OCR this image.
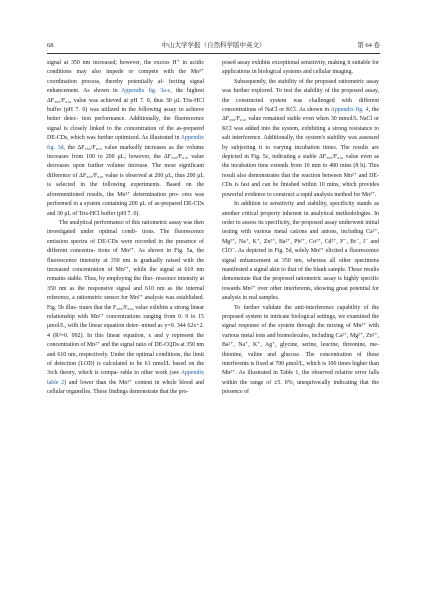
68	中山大学学报（自然科学版中英文）	第 64 卷

signal at 350 nm increased; however, the excess H⁺ in acidic conditions may also impede or compete with the Mn²⁺ coordination process, thereby potentially af- fecting signal enhancement. As shown in Appendix fig. 3a-c, the highest ΔF₃₅₀/F₆₁₀ value was achieved at pH 7. 0, thus 30 μL Tris-HCl buffer (pH 7. 0) was utilized in the following assay to achieve better detec- tion performance. Additionally, the fluorescence signal is closely linked to the concentration of the as-prepared DE-CDs, which was further optimized. As illustrated in Appendix fig. 3d, the ΔF₃₅₀/F₆₁₀ value markedly increases as the volume increases from 100 to 200 μL; however, the ΔF₃₅₀/F₆₁₀ value decreases upon further volume increase. The most significant difference of ΔF₃₅₀/F₆₁₀ value is observed at 200 μL, thus 200 μL is selected in the following experiments. Based on the aforementioned results, the Mn²⁺ determination pro- cess was performed in a system containing 200 μL of as-prepared DE-CDs and 30 μL of Tris-HCl buffer (pH 7. 0).

The analytical performance of this ratiometric assay was then investigated under optimal condi- tions. The fluorescence emission spectra of DE-CDs were recorded in the presence of different concentra- tions of Mn²⁺. As shown in Fig. 5a, the fluorescence intensity at 350 nm is gradually raised with the increased concentration of Mn²⁺, while the signal at 610 nm remains stable. Thus, by employing the fluo- rescence intensity at 350 nm as the responsive signal and 610 nm as the internal reference, a ratiometric sensor for Mn²⁺ analysis was established. Fig. 5b illus- trates that the F₃₅₀/F₆₁₀ value exhibits a strong linear relationship with Mn²⁺ concentrations ranging from 0. 9 to 15 μmol/L, with the linear equation deter- mined as y=0. 344 62x+2. 4 (R²=0. 992). In this linear equation, x and y represent the concentration of Mn²⁺ and the signal ratio of DE-CQDs at 350 nm and 610 nm, respectively. Under the optimal conditions, the limit of detection (LOD) is calculated to be 61 nmol/L based on the 3σ/k theory, which is compa- rable to other work (see Appendix table 2) and lower than the Mn²⁺ content in whole blood and cellular organelles. These findings demonstrate that the pro-

posed assay exhibits exceptional sensitivity, making it suitable for applications in biological systems and cellular imaging.

Subsequently, the stability of the proposed ratiometric assay was further explored. To test the stability of the proposed assay, the constructed system was challenged with different concentrations of NaCl or KCl. As shown in Appendix fig. 4, the ΔF₃₅₀/F₆₁₀ value remained stable even when 30 mmol/L NaCl or KCl was added into the system, exhibiting a strong resistance to salt interference. Additionally, the system's stability was assessed by subjecting it to varying incubation times. The results are depicted in Fig. 5c, indicating a stable ΔF₃₅₀/F₆₁₀ value even as the incubation time extends from 10 min to 480 mins (8 h). This result also demonstrates that the reaction between Mn²⁺ and DE-CDs is fast and can be finished within 10 mins, which provides powerful evidence to construct a rapid analysis method for Mn²⁺.

In addition to sensitivity and stability, specificity stands as another critical property inherent in analytical methodologies. In order to assess its specificity, the proposed assay underwent initial testing with various metal cations and anions, including Ca²⁺, Mg²⁺, Na⁺, K⁺, Zn²⁺, Ba²⁺, Pb²⁺, Co²⁺, Cd²⁺, F⁻, Br⁻, I⁻ and ClO⁻. As depicted in Fig. 5d, solely Mn²⁺ elicited a fluorescence signal enhancement at 350 nm, whereas all other specimens manifested a signal akin to that of the blank sample. These results demonstrate that the proposed ratiometric assay is highly specific towards Mn²⁺ over other interferents, showing great potential for analysis in real samples.

To further validate the anti-interference capability of the proposed system in intricate biological settings, we examined the signal response of the system through the mixing of Mn²⁺ with various metal ions and biomolecules, including Ca²⁺, Mg²⁺, Zn²⁺, Ba²⁺, Na⁺, K⁺, Ag⁺, glycine, serine, leucine, threonine, me- thionine, valine and glucose. The concentration of these interferents is fixed at 700 μmol/L, which is 100 times higher than Mn²⁺. As illustrated in Table 1, the observed relative error falls within the range of ±5. 0%, unequivocally indicating that the presence of
